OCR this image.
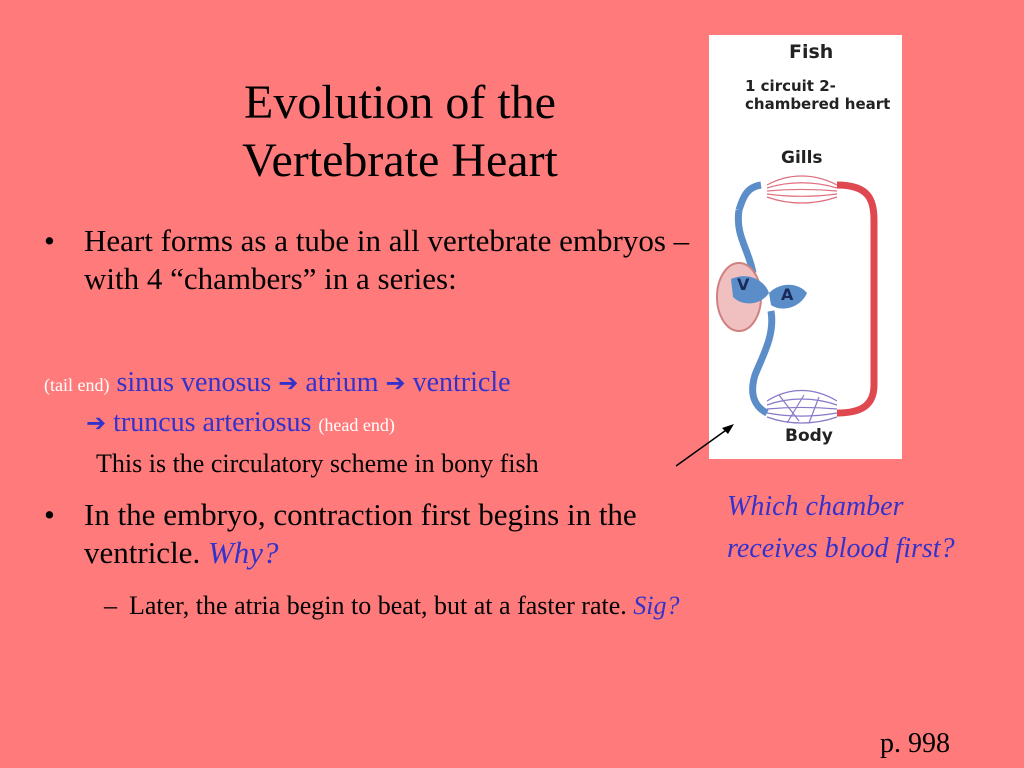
Evolution of the
Vertebrate Heart
• Heart forms as a tube in all vertebrate embryos – with 4 “chambers” in a series:
(tail end) sinus venosus ➔ atrium ➔ ventricle
➔ truncus arteriosus (head end)
This is the circulatory scheme in bony fish
• In the embryo, contraction first begins in the ventricle. Why?
– Later, the atria begin to beat, but at a faster rate. Sig?
Which chamber receives blood first?
p. 998
Fish
1 circuit 2-chambered heart
Gills
V
A
Body
